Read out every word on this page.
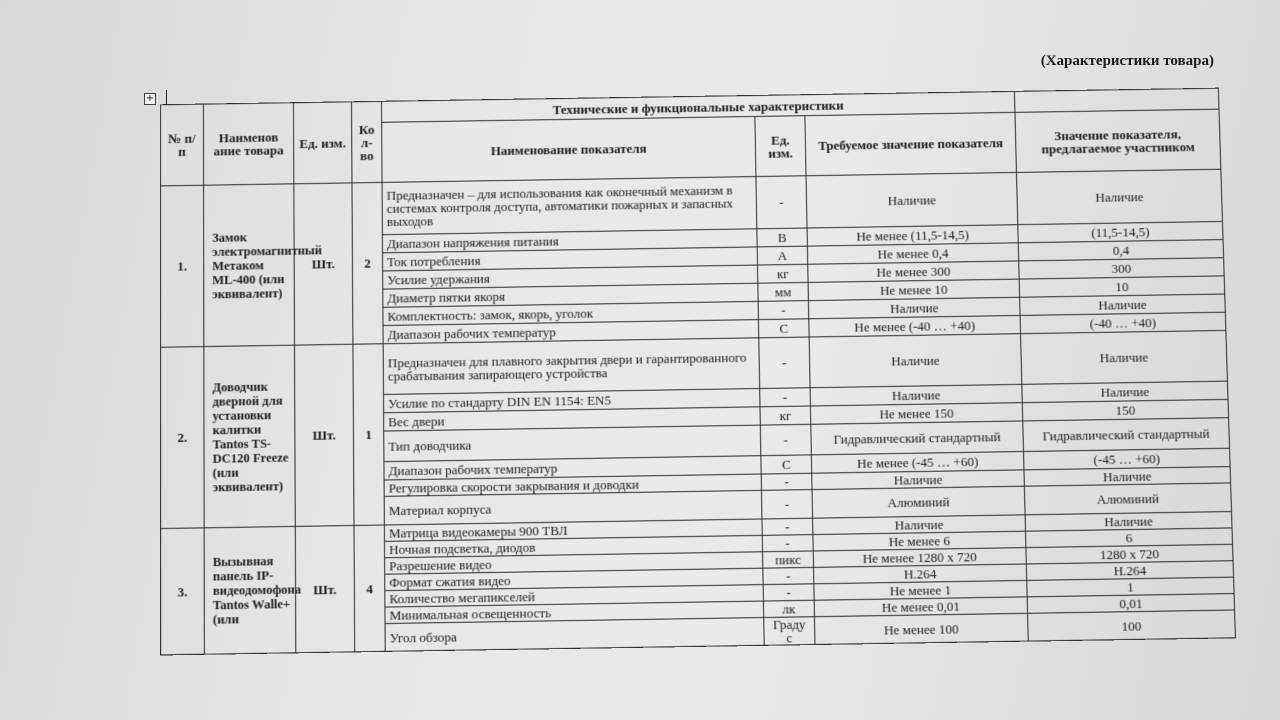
(Характеристики товара)
+
№ п/п	Наименов ание товара	Ед. изм.	Ко л-во	Технические и функциональные характеристики			
				Наименование показателя	Ед. изм.	Требуемое значение показателя	Значение показателя, предлагаемое участником
1.	Замок электромагнитный Метаком ML-400 (или эквивалент)	Шт.	2	Предназначен – для использования как оконечный механизм в системах контроля доступа, автоматики пожарных и запасных выходов	-	Наличие	Наличие
				Диапазон напряжения питания	В	Не менее (11,5-14,5)	(11,5-14,5)
				Ток потребления	А	Не менее 0,4	0,4
				Усилие удержания	кг	Не менее 300	300
				Диаметр пятки якоря	мм	Не менее 10	10
				Комплектность: замок, якорь, уголок	-	Наличие	Наличие
				Диапазон рабочих температур	С	Не менее (-40 … +40)	(-40 … +40)
2.	Доводчик дверной для установки калитки Tantos TS-DC120 Freeze (или эквивалент)	Шт.	1	Предназначен для плавного закрытия двери и гарантированного срабатывания запирающего устройства	-	Наличие	Наличие
				Усилие по стандарту DIN EN 1154: EN5	-	Наличие	Наличие
				Вес двери	кг	Не менее 150	150
				Тип доводчика	-	Гидравлический стандартный	Гидравлический стандартный
				Диапазон рабочих температур	С	Не менее (-45 … +60)	(-45 … +60)
				Регулировка скорости закрывания и доводки	-	Наличие	Наличие
				Материал корпуса	-	Алюминий	Алюминий
3.	Вызывная панель IP-видеодомофона Tantos Walle+ (или	Шт.	4	Матрица видеокамеры 900 ТВЛ	-	Наличие	Наличие
				Ночная подсветка, диодов	-	Не менее 6	6
				Разрешение видео	пикс	Не менее 1280 х 720	1280 х 720
				Формат сжатия видео	-	H.264	H.264
				Количество мегапикселей	-	Не менее 1	1
				Минимальная освещенность	лк	Не менее 0,01	0,01
				Угол обзора	Граду с	Не менее 100	100
